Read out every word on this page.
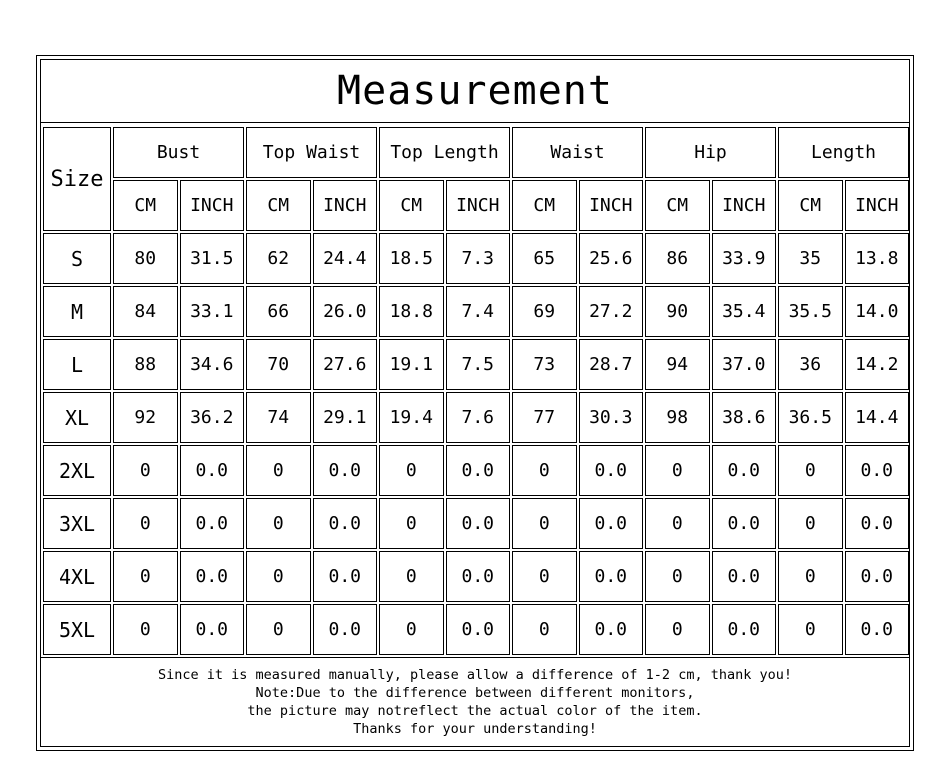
Measurement
Size	Bust		Top Waist		Top Length		Waist		Hip		Length	
	CM	INCH	CM	INCH	CM	INCH	CM	INCH	CM	INCH	CM	INCH
S	80	31.5	62	24.4	18.5	7.3	65	25.6	86	33.9	35	13.8
M	84	33.1	66	26.0	18.8	7.4	69	27.2	90	35.4	35.5	14.0
L	88	34.6	70	27.6	19.1	7.5	73	28.7	94	37.0	36	14.2
XL	92	36.2	74	29.1	19.4	7.6	77	30.3	98	38.6	36.5	14.4
2XL	0	0.0	0	0.0	0	0.0	0	0.0	0	0.0	0	0.0
3XL	0	0.0	0	0.0	0	0.0	0	0.0	0	0.0	0	0.0
4XL	0	0.0	0	0.0	0	0.0	0	0.0	0	0.0	0	0.0
5XL	0	0.0	0	0.0	0	0.0	0	0.0	0	0.0	0	0.0
Since it is measured manually, please allow a difference of 1-2 cm, thank you!
Note:Due to the difference between different monitors,
the picture may notreflect the actual color of the item.
Thanks for your understanding!
